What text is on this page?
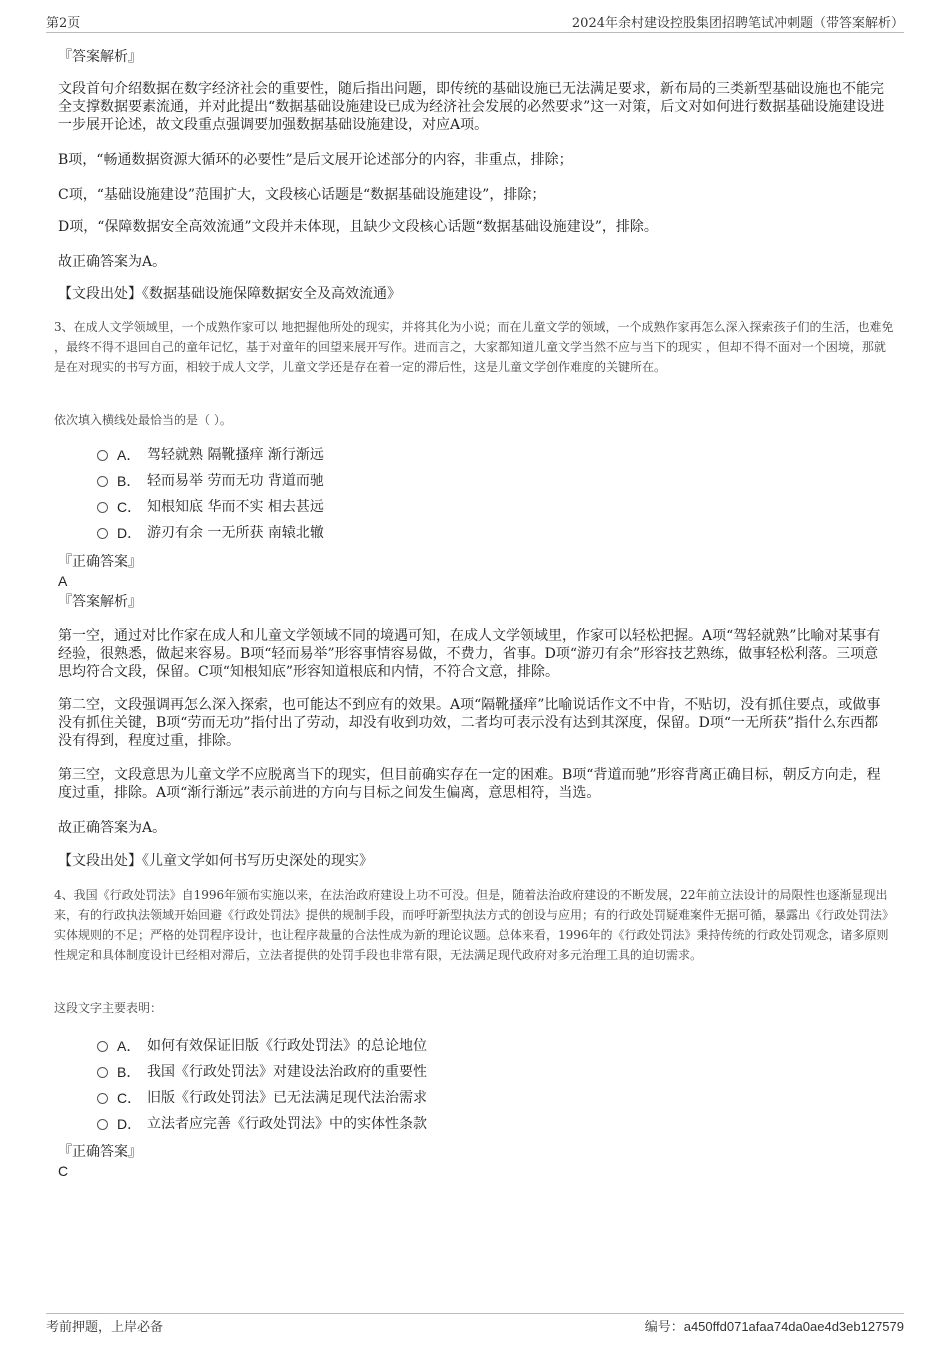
第2页	2024年余村建设控股集团招聘笔试冲刺题（带答案解析）
『答案解析』
文段首句介绍数据在数字经济社会的重要性，随后指出问题，即传统的基础设施已无法满足要求，新布局的三类新型基础设施也不能完全支撑数据要素流通，并对此提出“数据基础设施建设已成为经济社会发展的必然要求”这一对策，后文对如何进行数据基础设施建设进一步展开论述，故文段重点强调要加强数据基础设施建设，对应A项。
B项，“畅通数据资源大循环的必要性”是后文展开论述部分的内容，非重点，排除；
C项，“基础设施建设”范围扩大，文段核心话题是“数据基础设施建设”，排除；
D项，“保障数据安全高效流通”文段并未体现，且缺少文段核心话题“数据基础设施建设”，排除。
故正确答案为A。
【文段出处】《数据基础设施保障数据安全及高效流通》
3、在成人文学领域里，一个成熟作家可以 地把握他所处的现实，并将其化为小说；而在儿童文学的领域，一个成熟作家再怎么深入探索孩子们的生活，也难免 ，最终不得不退回自己的童年记忆，基于对童年的回望来展开写作。进而言之，大家都知道儿童文学当然不应与当下的现实 ，但却不得不面对一个困境，那就是在对现实的书写方面，相较于成人文学，儿童文学还是存在着一定的滞后性，这是儿童文学创作难度的关键所在。
依次填入横线处最恰当的是（ ）。
A． 驾轻就熟 隔靴搔痒 渐行渐远
B． 轻而易举 劳而无功 背道而驰
C． 知根知底 华而不实 相去甚远
D． 游刃有余 一无所获 南辕北辙
『正确答案』
A
『答案解析』
第一空，通过对比作家在成人和儿童文学领域不同的境遇可知，在成人文学领域里，作家可以轻松把握。A项“驾轻就熟”比喻对某事有经验，很熟悉，做起来容易。B项“轻而易举”形容事情容易做，不费力，省事。D项“游刃有余”形容技艺熟练，做事轻松利落。三项意思均符合文段，保留。C项“知根知底”形容知道根底和内情，不符合文意，排除。
第二空，文段强调再怎么深入探索，也可能达不到应有的效果。A项“隔靴搔痒”比喻说话作文不中肯，不贴切，没有抓住要点，或做事没有抓住关键，B项“劳而无功”指付出了劳动，却没有收到功效，二者均可表示没有达到其深度，保留。D项“一无所获”指什么东西都没有得到，程度过重，排除。
第三空，文段意思为儿童文学不应脱离当下的现实，但目前确实存在一定的困难。B项“背道而驰”形容背离正确目标，朝反方向走，程度过重，排除。A项“渐行渐远”表示前进的方向与目标之间发生偏离，意思相符，当选。
故正确答案为A。
【文段出处】《儿童文学如何书写历史深处的现实》
4、我国《行政处罚法》自1996年颁布实施以来，在法治政府建设上功不可没。但是，随着法治政府建设的不断发展，22年前立法设计的局限性也逐渐显现出来，有的行政执法领域开始回避《行政处罚法》提供的规制手段，而呼吁新型执法方式的创设与应用；有的行政处罚疑难案件无据可循，暴露出《行政处罚法》实体规则的不足；严格的处罚程序设计，也让程序裁量的合法性成为新的理论议题。总体来看，1996年的《行政处罚法》秉持传统的行政处罚观念，诸多原则性规定和具体制度设计已经相对滞后，立法者提供的处罚手段也非常有限，无法满足现代政府对多元治理工具的迫切需求。
这段文字主要表明：
A． 如何有效保证旧版《行政处罚法》的总论地位
B． 我国《行政处罚法》对建设法治政府的重要性
C． 旧版《行政处罚法》已无法满足现代法治需求
D． 立法者应完善《行政处罚法》中的实体性条款
『正确答案』
C
考前押题，上岸必备	编号：a450ffd071afaa74da0ae4d3eb127579
